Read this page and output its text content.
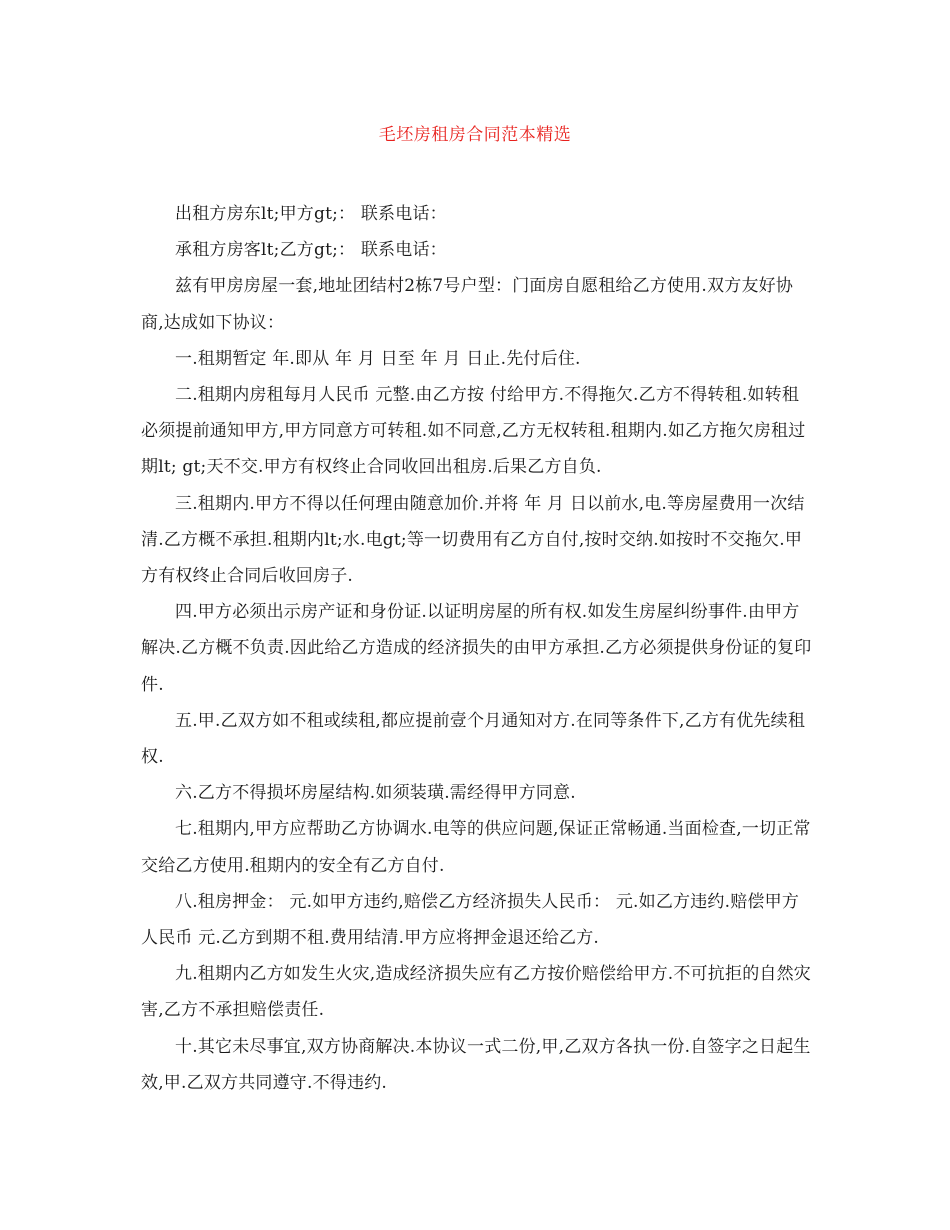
毛坯房租房合同范本精选

出租方房东lt;甲方gt;： 联系电话：

承租方房客lt;乙方gt;： 联系电话：

兹有甲房房屋一套,地址团结村2栋7号户型：门面房自愿租给乙方使用.双方友好协商,达成如下协议：

一.租期暂定 年.即从 年 月 日至 年 月 日止.先付后住.

二.租期内房租每月人民币 元整.由乙方按 付给甲方.不得拖欠.乙方不得转租.如转租必须提前通知甲方,甲方同意方可转租.如不同意,乙方无权转租.租期内.如乙方拖欠房租过期lt; gt;天不交.甲方有权终止合同收回出租房.后果乙方自负.

三.租期内.甲方不得以任何理由随意加价.并将 年 月 日以前水,电.等房屋费用一次结清.乙方概不承担.租期内lt;水.电gt;等一切费用有乙方自付,按时交纳.如按时不交拖欠.甲方有权终止合同后收回房子.

四.甲方必须出示房产证和身份证.以证明房屋的所有权.如发生房屋纠纷事件.由甲方解决.乙方概不负责.因此给乙方造成的经济损失的由甲方承担.乙方必须提供身份证的复印件.

五.甲.乙双方如不租或续租,都应提前壹个月通知对方.在同等条件下,乙方有优先续租权.

六.乙方不得损坏房屋结构.如须装璜.需经得甲方同意.

七.租期内,甲方应帮助乙方协调水.电等的供应问题,保证正常畅通.当面检查,一切正常交给乙方使用.租期内的安全有乙方自付.

八.租房押金： 元.如甲方违约,赔偿乙方经济损失人民币： 元.如乙方违约.赔偿甲方人民币 元.乙方到期不租.费用结清.甲方应将押金退还给乙方.

九.租期内乙方如发生火灾,造成经济损失应有乙方按价赔偿给甲方.不可抗拒的自然灾害,乙方不承担赔偿责任.

十.其它未尽事宜,双方协商解决.本协议一式二份,甲,乙双方各执一份.自签字之日起生效,甲.乙双方共同遵守.不得违约.
